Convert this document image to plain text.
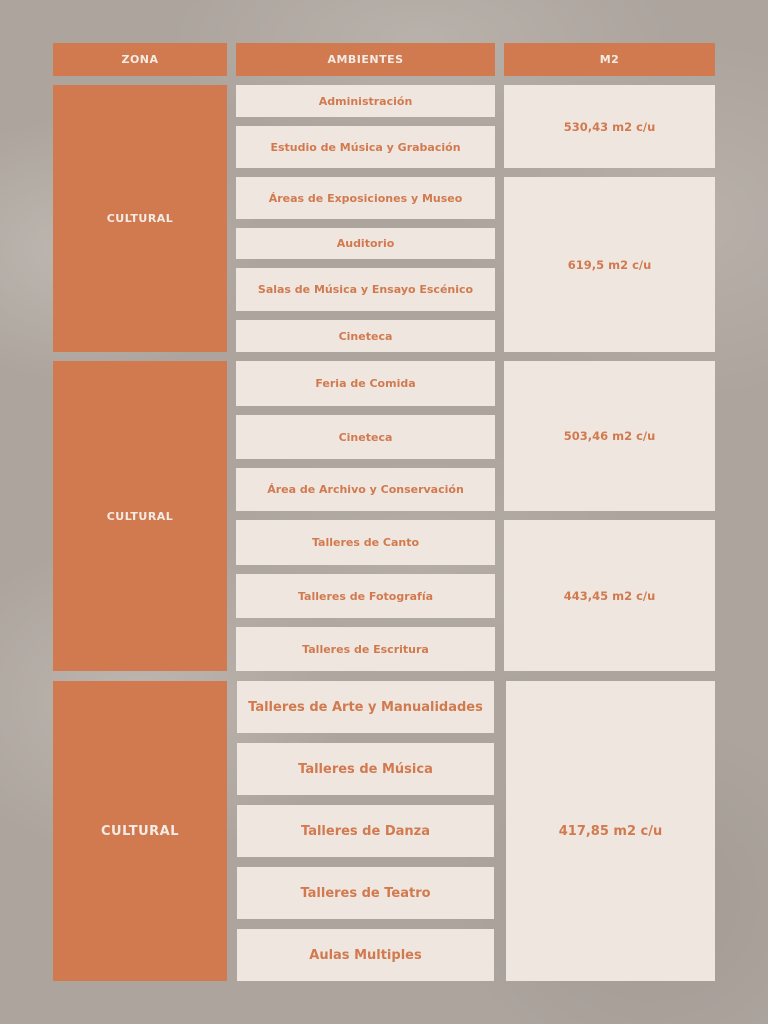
ZONA	AMBIENTES	M2
CULTURAL
Administración
Estudio de Música y Grabación
Áreas de Exposiciones y Museo
Auditorio
Salas de Música y Ensayo Escénico
Cineteca
530,43 m2 c/u
619,5 m2 c/u
CULTURAL
Feria de Comida
Cineteca
Área de Archivo y Conservación
Talleres de Canto
Talleres de Fotografía
Talleres de Escritura
503,46 m2 c/u
443,45 m2 c/u
CULTURAL
Talleres de Arte y Manualidades
Talleres de Música
Talleres de Danza
Talleres de Teatro
Aulas Multiples
417,85 m2 c/u
